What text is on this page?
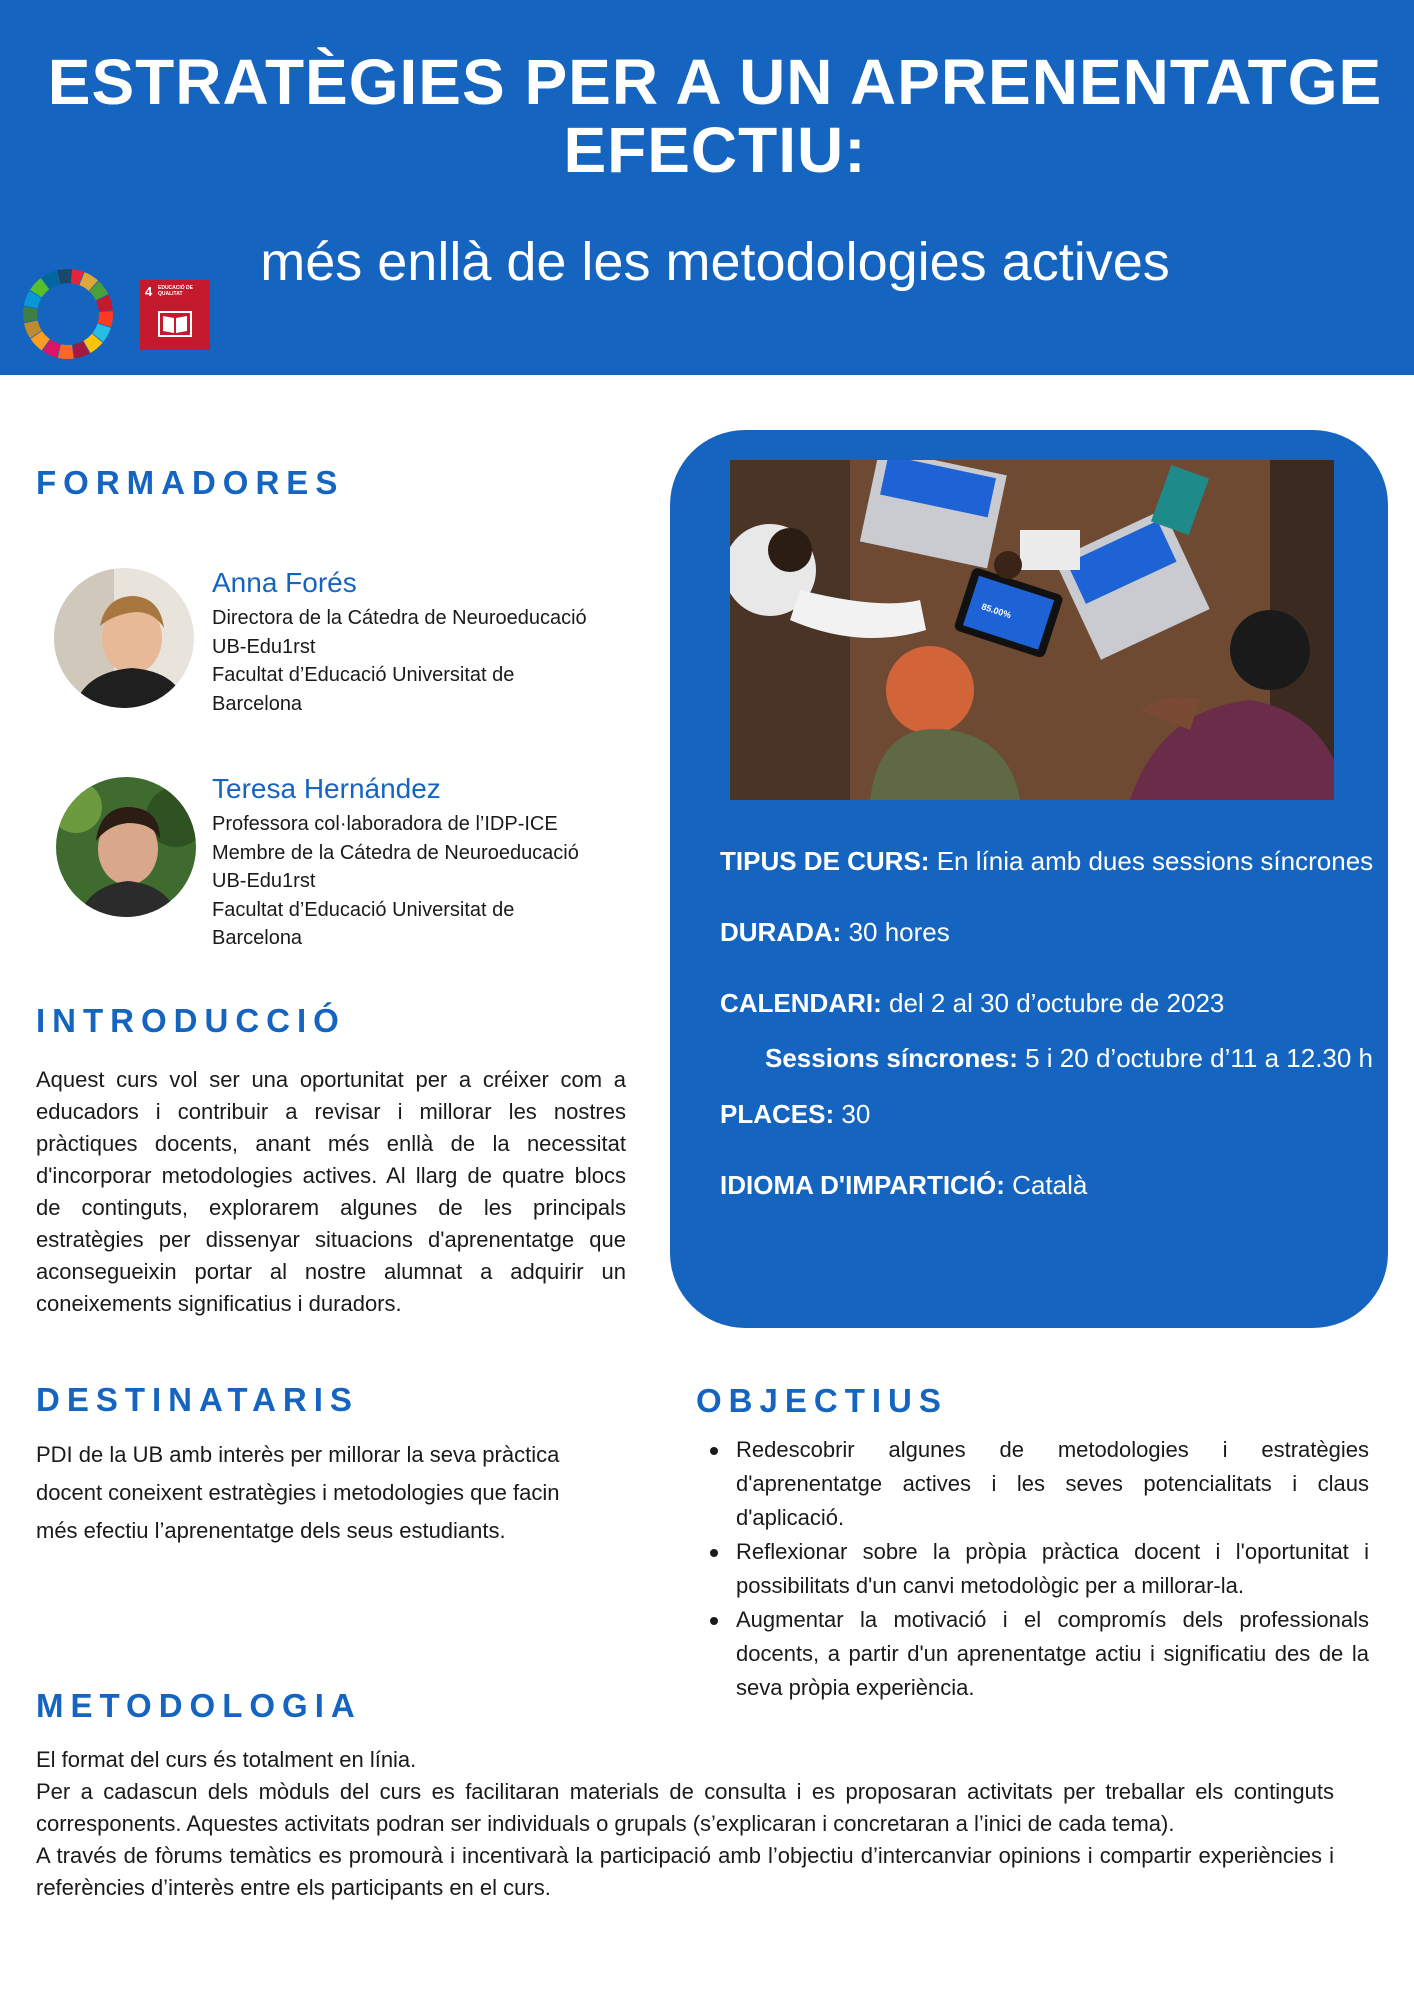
ESTRATÈGIES PER A UN APRENENTATGE
EFECTIU:
més enllà de les metodologies actives
4 EDUCACIÓ DE QUALITAT
FORMADORES
Anna Forés
Directora de la Cátedra de Neuroeducació
UB-Edu1rst
Facultat d’Educació Universitat de
Barcelona
Teresa Hernández
Professora col·laboradora de l’IDP-ICE
Membre de la Cátedra de Neuroeducació
UB-Edu1rst
Facultat d’Educació Universitat de
Barcelona
INTRODUCCIÓ
Aquest curs vol ser una oportunitat per a créixer com a educadors i contribuir a revisar i millorar les nostres pràctiques docents, anant més enllà de la necessitat d'incorporar metodologies actives. Al llarg de quatre blocs de continguts, explorarem algunes de les principals estratègies per dissenyar situacions d'aprenentatge que aconsegueixin portar al nostre alumnat a adquirir un coneixements significatius i duradors.
85.00%
TIPUS DE CURS: En línia amb dues sessions síncrones
DURADA: 30 hores
CALENDARI: del 2 al 30 d’octubre de 2023
Sessions síncrones: 5 i 20 d’octubre d’11 a 12.30 h
PLACES: 30
IDIOMA D'IMPARTICIÓ: Català
DESTINATARIS
PDI de la UB amb interès per millorar la seva pràctica docent coneixent estratègies i metodologies que facin més efectiu l’aprenentatge dels seus estudiants.
OBJECTIUS
Redescobrir algunes de metodologies i estratègies d'aprenentatge actives i les seves potencialitats i claus d'aplicació.
Reflexionar sobre la pròpia pràctica docent i l'oportunitat i possibilitats d'un canvi metodològic per a millorar-la.
Augmentar la motivació i el compromís dels professionals docents, a partir d'un aprenentatge actiu i significatiu des de la seva pròpia experiència.
METODOLOGIA
El format del curs és totalment en línia.
Per a cadascun dels mòduls del curs es facilitaran materials de consulta i es proposaran activitats per treballar els continguts corresponents. Aquestes activitats podran ser individuals o grupals (s’explicaran i concretaran a l’inici de cada tema).
A través de fòrums temàtics es promourà i incentivarà la participació amb l’objectiu d’intercanviar opinions i compartir experiències i referències d’interès entre els participants en el curs.
